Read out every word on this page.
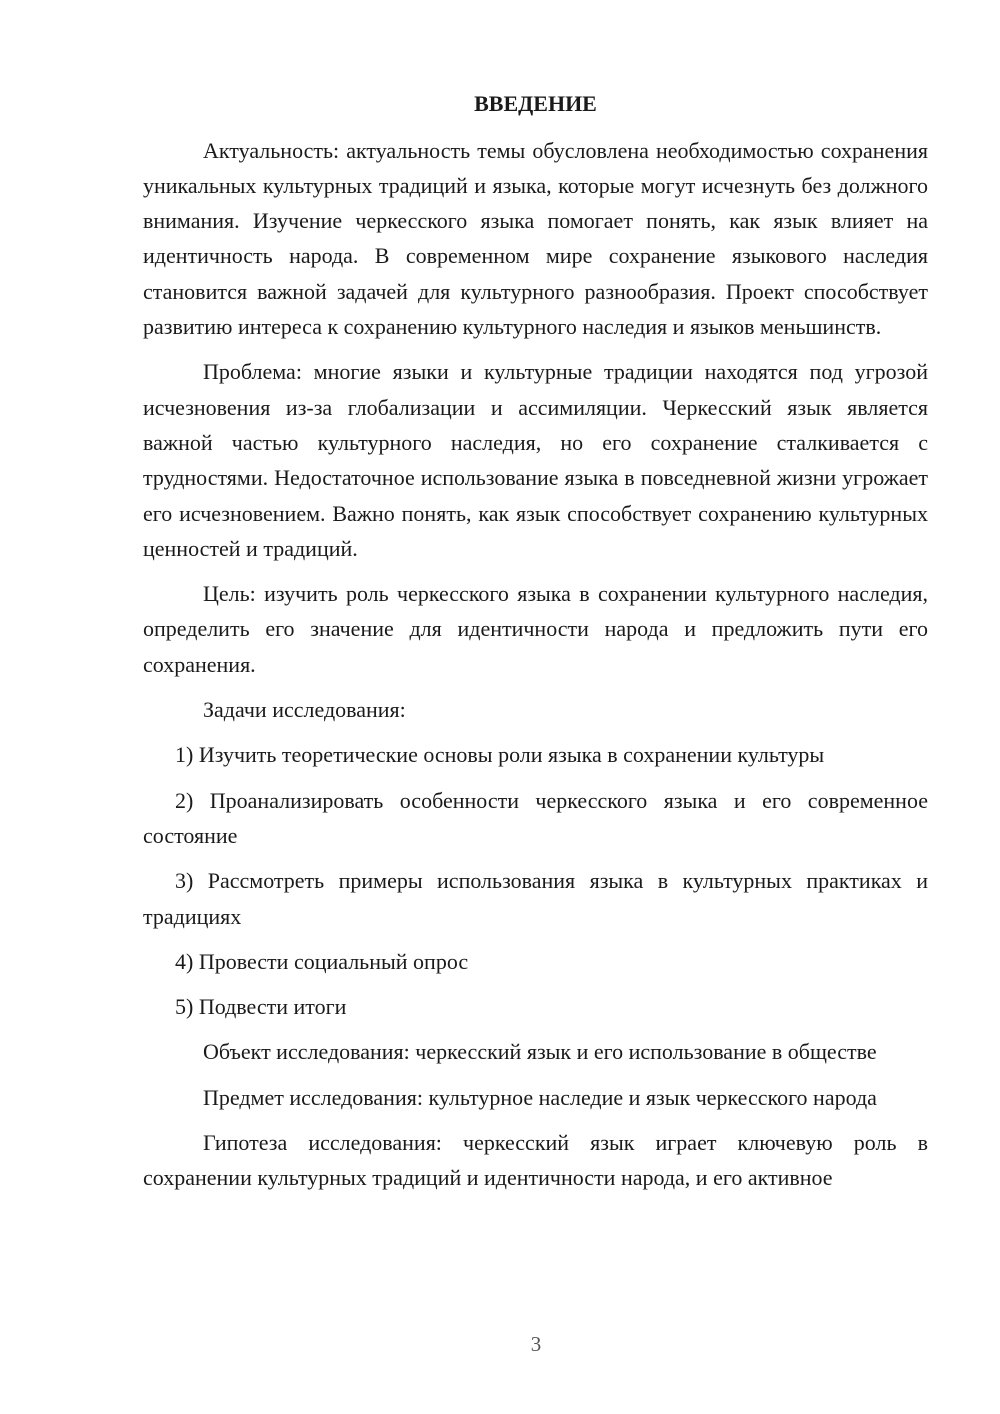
ВВЕДЕНИЕ

Актуальность: актуальность темы обусловлена необходимостью сохранения уникальных культурных традиций и языка, которые могут исчезнуть без должного внимания. Изучение черкесского языка помогает понять, как язык влияет на идентичность народа. В современном мире сохранение языкового наследия становится важной задачей для культурного разнообразия. Проект способствует развитию интереса к сохранению культурного наследия и языков меньшинств.

Проблема: многие языки и культурные традиции находятся под угрозой исчезновения из-за глобализации и ассимиляции. Черкесский язык является важной частью культурного наследия, но его сохранение сталкивается с трудностями. Недостаточное использование языка в повседневной жизни угрожает его исчезновением. Важно понять, как язык способствует сохранению культурных ценностей и традиций.

Цель: изучить роль черкесского языка в сохранении культурного наследия, определить его значение для идентичности народа и предложить пути его сохранения.

Задачи исследования:

1) Изучить теоретические основы роли языка в сохранении культуры

2) Проанализировать особенности черкесского языка и его современное состояние

3) Рассмотреть примеры использования языка в культурных практиках и традициях

4) Провести социальный опрос

5) Подвести итоги

Объект исследования: черкесский язык и его использование в обществе

Предмет исследования: культурное наследие и язык черкесского народа

Гипотеза исследования: черкесский язык играет ключевую роль в сохранении культурных традиций и идентичности народа, и его активное

3
